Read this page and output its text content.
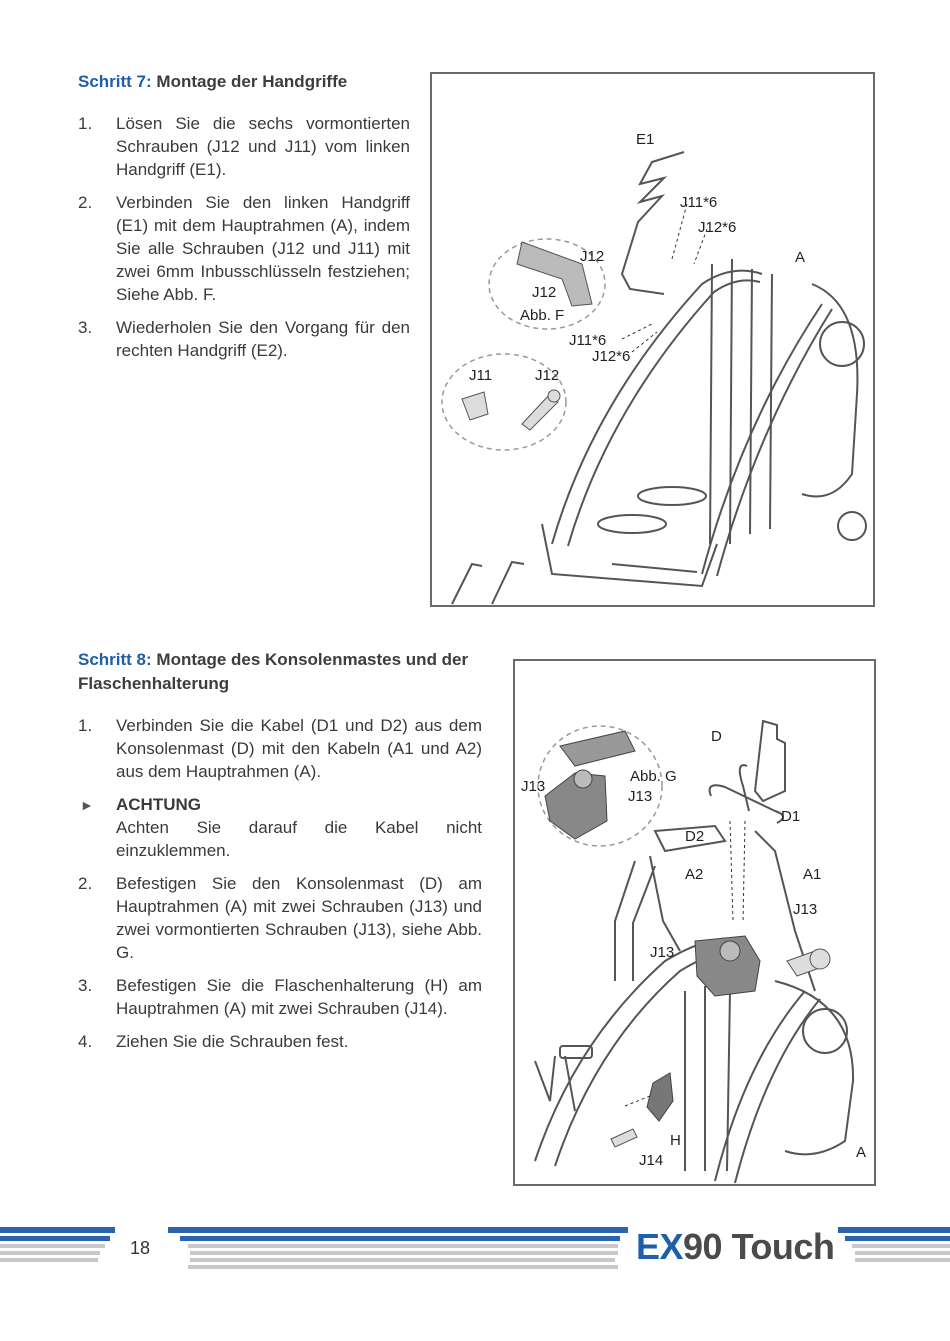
Schritt 7: Montage der Handgriffe
1. Lösen Sie die sechs vormontierten Schrauben (J12 und J11) vom linken Handgriff (E1).
2. Verbinden Sie den linken Handgriff (E1) mit dem Hauptrahmen (A), indem Sie alle Schrauben (J12 und J11) mit zwei 6mm Inbusschlüsseln festziehen; Siehe Abb. F.
3. Wiederholen Sie den Vorgang für den rechten Handgriff (E2).
E1
J11*6
J12*6
A
J12
J12
Abb. F
J11*6
J12*6
J11	J12
Schritt 8: Montage des Konsolenmastes und der Flaschenhalterung
1. Verbinden Sie die Kabel (D1 und D2) aus dem Konsolenmast (D) mit den Kabeln (A1 und A2) aus dem Hauptrahmen (A).
► ACHTUNG
Achten Sie darauf die Kabel nicht einzuklemmen.
2. Befestigen Sie den Konsolenmast (D) am Hauptrahmen (A) mit zwei Schrauben (J13) und zwei vormontierten Schrauben (J13), siehe Abb. G.
3. Befestigen Sie die Flaschenhalterung (H) am Hauptrahmen (A) mit zwei Schrauben (J14).
4. Ziehen Sie die Schrauben fest.
D
J13
Abb. G
J13
D1
D2
A2	A1
J13
J13
H
J14	A
18	EX90 Touch
